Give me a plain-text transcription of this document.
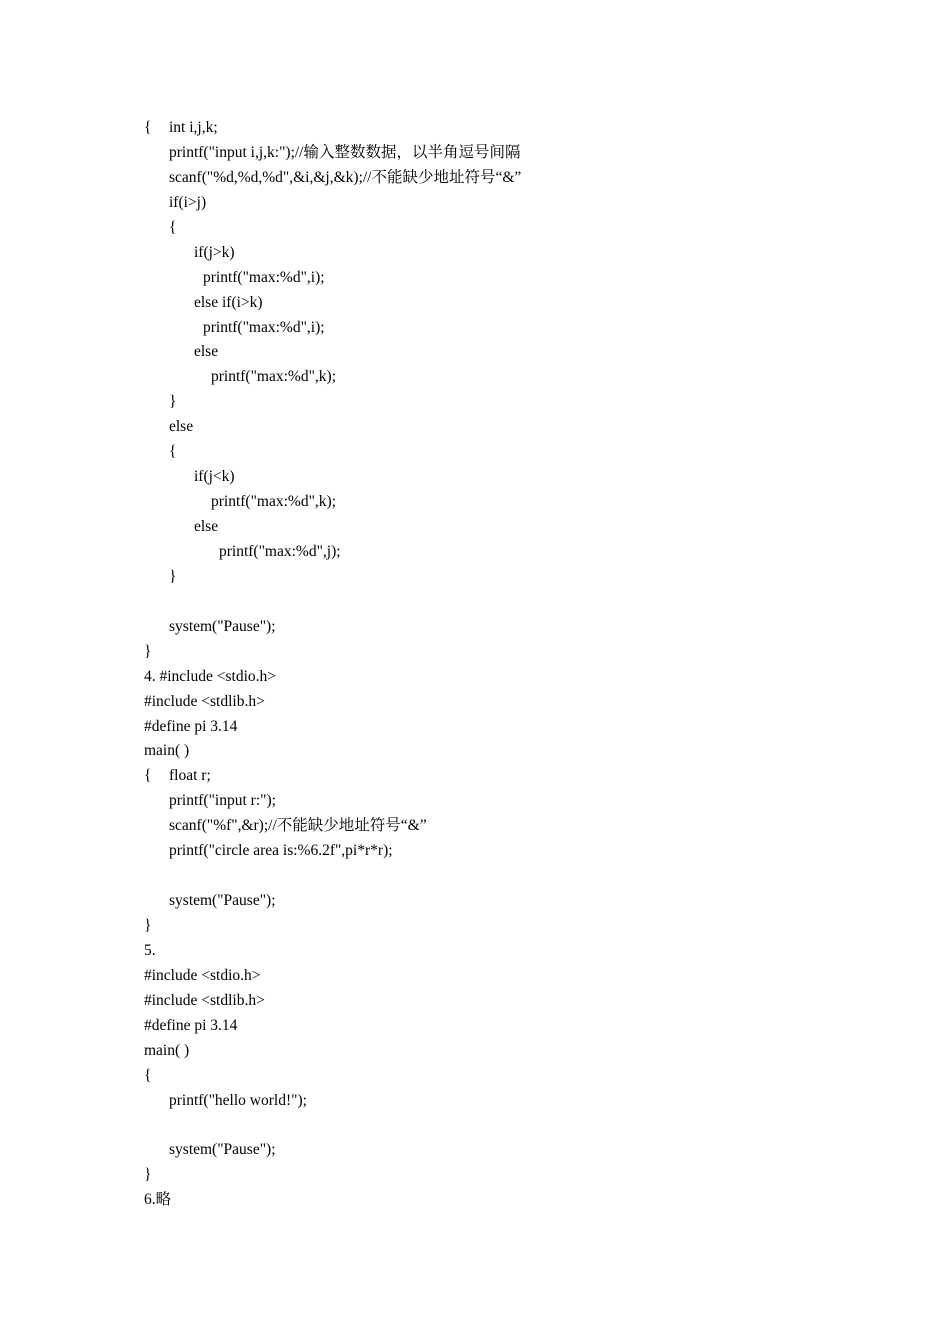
{ int i,j,k;
printf("input i,j,k:");//输入整数数据，以半角逗号间隔
scanf("%d,%d,%d",&i,&j,&k);//不能缺少地址符号“&”
if(i>j)
{
if(j>k)
printf("max:%d",i);
else if(i>k)
printf("max:%d",i);
else
printf("max:%d",k);
}
else
{
if(j<k)
printf("max:%d",k);
else
printf("max:%d",j);
}
system("Pause");
}
4. #include <stdio.h>
#include <stdlib.h>
#define pi 3.14
main( )
{ float r;
printf("input r:");
scanf("%f",&r);//不能缺少地址符号“&”
printf("circle area is:%6.2f",pi*r*r);
system("Pause");
}
5.
#include <stdio.h>
#include <stdlib.h>
#define pi 3.14
main( )
{
printf("hello world!");
system("Pause");
}
6.略
